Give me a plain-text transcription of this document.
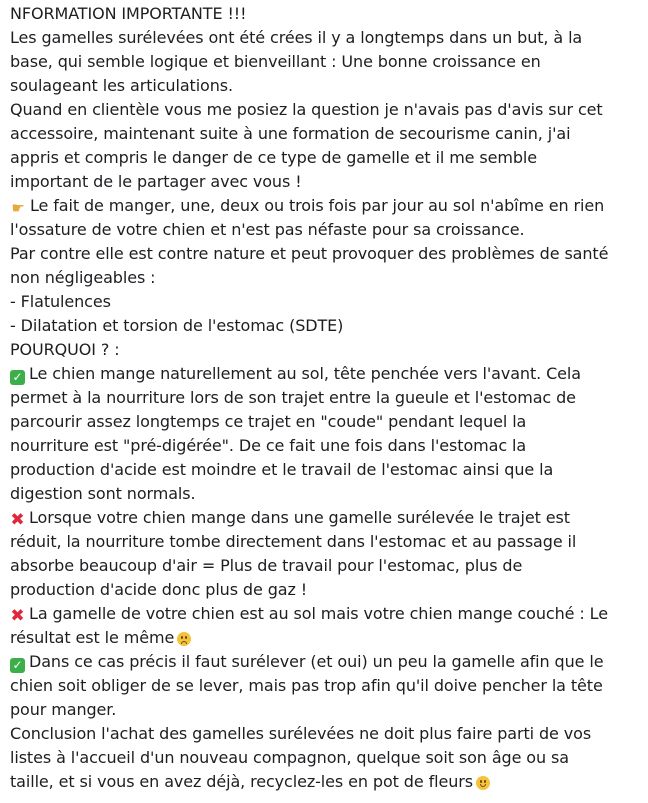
NFORMATION IMPORTANTE !!!
Les gamelles surélevées ont été crées il y a longtemps dans un but, à la
base, qui semble logique et bienveillant : Une bonne croissance en
soulageant les articulations.
Quand en clientèle vous me posiez la question je n'avais pas d'avis sur cet
accessoire, maintenant suite à une formation de secourisme canin, j'ai
appris et compris le danger de ce type de gamelle et il me semble
important de le partager avec vous !
☛ Le fait de manger, une, deux ou trois fois par jour au sol n'abîme en rien
l'ossature de votre chien et n'est pas néfaste pour sa croissance.
Par contre elle est contre nature et peut provoquer des problèmes de santé
non négligeables :
- Flatulences
- Dilatation et torsion de l'estomac (SDTE)
POURQUOI ? :
✓ Le chien mange naturellement au sol, tête penchée vers l'avant. Cela
permet à la nourriture lors de son trajet entre la gueule et l'estomac de
parcourir assez longtemps ce trajet en "coude" pendant lequel la
nourriture est "pré-digérée". De ce fait une fois dans l'estomac la
production d'acide est moindre et le travail de l'estomac ainsi que la
digestion sont normals.
✖ Lorsque votre chien mange dans une gamelle surélevée le trajet est
réduit, la nourriture tombe directement dans l'estomac et au passage il
absorbe beaucoup d'air = Plus de travail pour l'estomac, plus de
production d'acide donc plus de gaz !
✖ La gamelle de votre chien est au sol mais votre chien mange couché : Le
résultat est le même
✓ Dans ce cas précis il faut surélever (et oui) un peu la gamelle afin que le
chien soit obliger de se lever, mais pas trop afin qu'il doive pencher la tête
pour manger.
Conclusion l'achat des gamelles surélevées ne doit plus faire parti de vos
listes à l'accueil d'un nouveau compagnon, quelque soit son âge ou sa
taille, et si vous en avez déjà, recyclez-les en pot de fleurs
